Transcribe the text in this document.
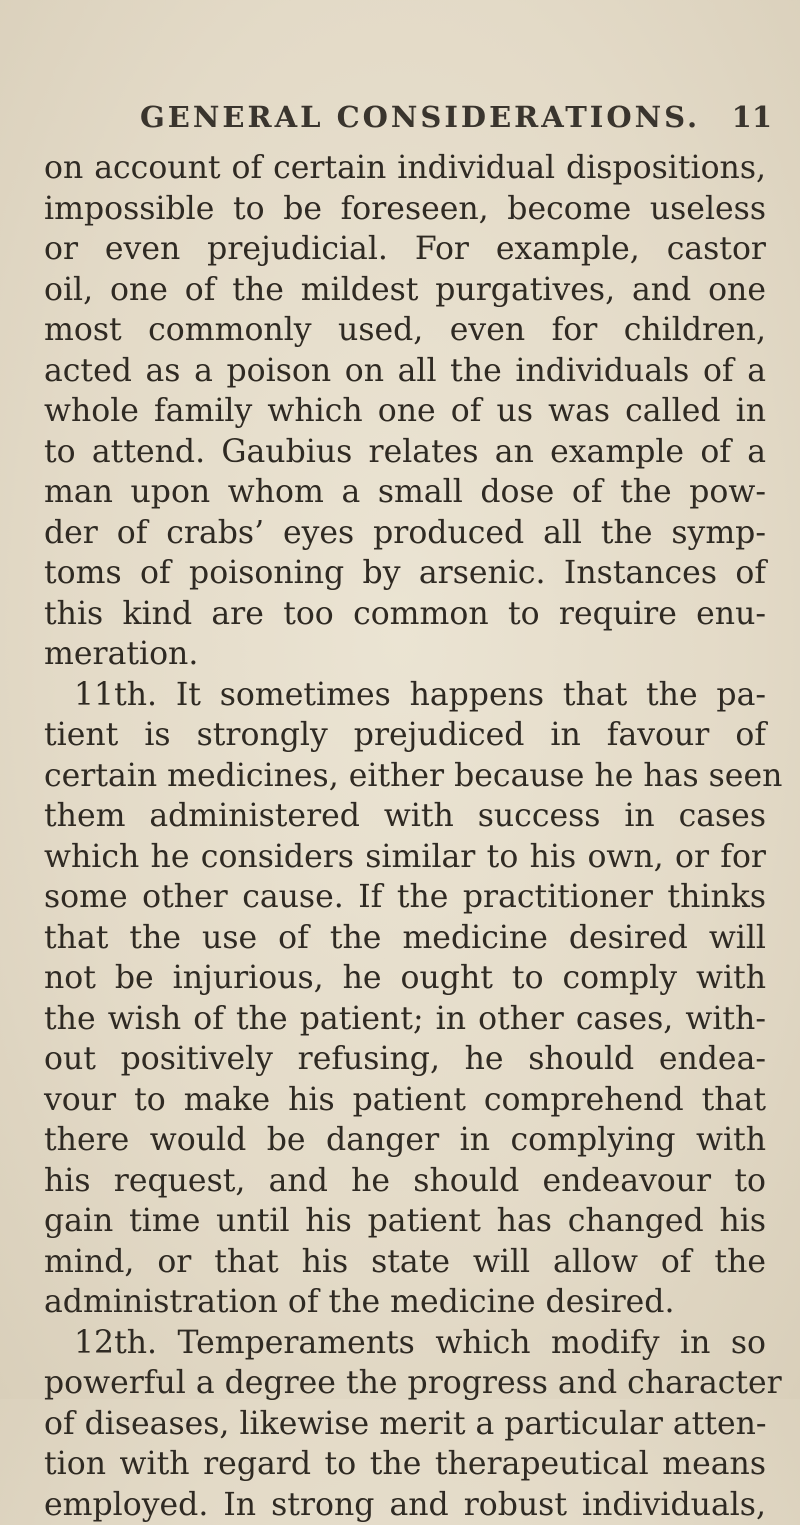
GENERAL CONSIDERATIONS. 11
on account of certain individual dispositions,
impossible to be foreseen, become useless
or even prejudicial. For example, castor
oil, one of the mildest purgatives, and one
most commonly used, even for children,
acted as a poison on all the individuals of a
whole family which one of us was called in
to attend. Gaubius relates an example of a
man upon whom a small dose of the pow-
der of crabs’ eyes produced all the symp-
toms of poisoning by arsenic. Instances of
this kind are too common to require enu-
meration.
11th. It sometimes happens that the pa-
tient is strongly prejudiced in favour of
certain medicines, either because he has seen
them administered with success in cases
which he considers similar to his own, or for
some other cause. If the practitioner thinks
that the use of the medicine desired will
not be injurious, he ought to comply with
the wish of the patient; in other cases, with-
out positively refusing, he should endea-
vour to make his patient comprehend that
there would be danger in complying with
his request, and he should endeavour to
gain time until his patient has changed his
mind, or that his state will allow of the
administration of the medicine desired.
12th. Temperaments which modify in so
powerful a degree the progress and character
of diseases, likewise merit a particular atten-
tion with regard to the therapeutical means
employed. In strong and robust individuals,
